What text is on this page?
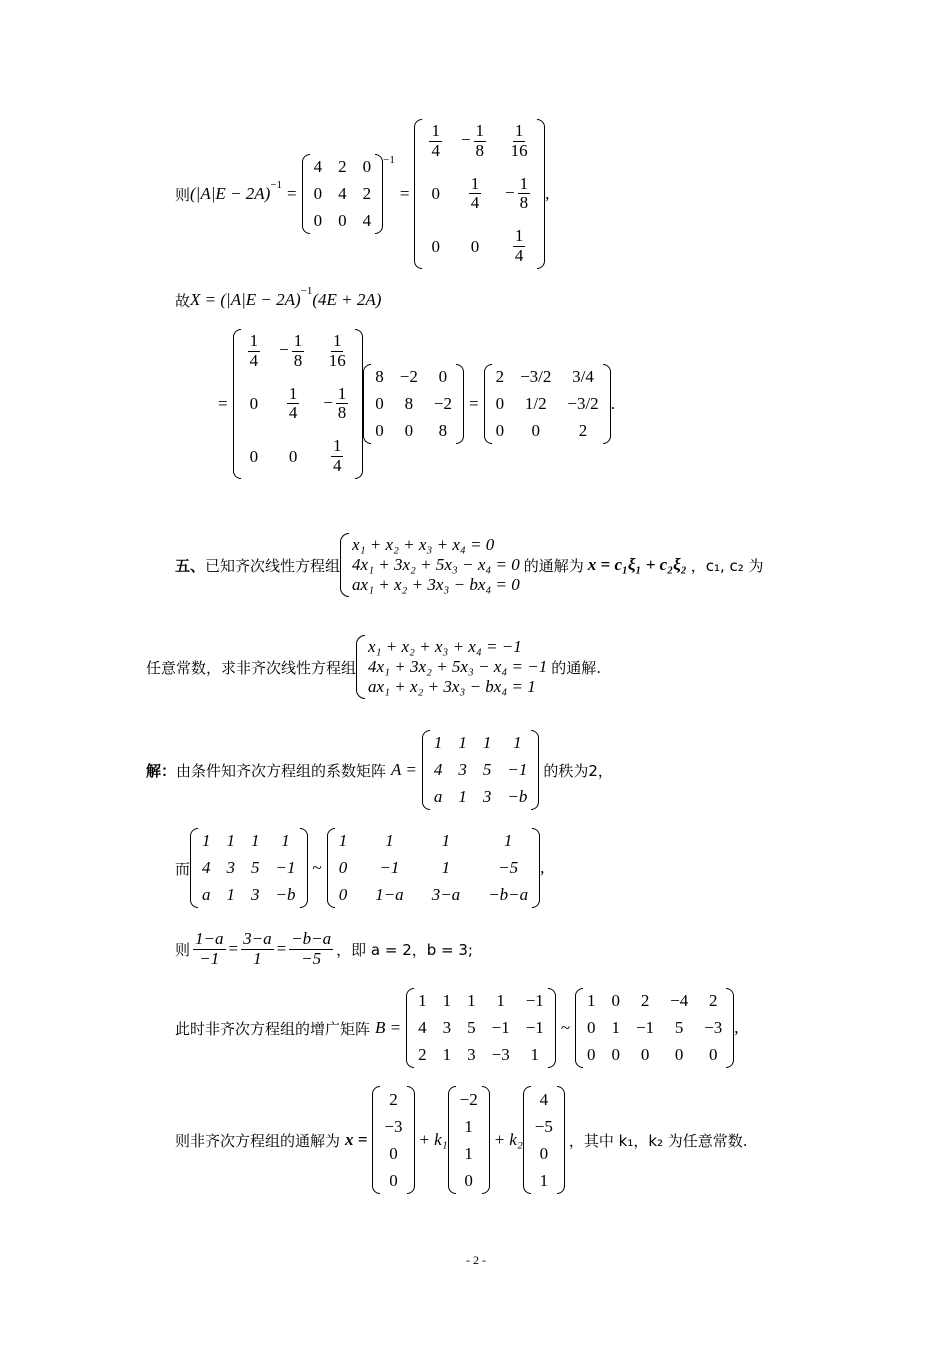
则 (|A|E − 2A) −1 =
4 2 0
0 4 2
0 0 4
−1
=
$\frac{1}{4} - \frac{1}{8} \frac{1}{16}$
$0 \frac{1}{4} - \frac{1}{8}$
0 $0 \frac{1}{4}$
,
故 X = (|A|E − 2A) −1 (4E + 2A)
=
$\frac{1}{4} - \frac{1}{8} \frac{1}{16}$
$0 \frac{1}{4} - \frac{1}{8}$
0 $0 \frac{1}{4}$
8 −2 0
0 8 −2
0 0 8
=
2 −3/2 3/4
0 1/2 −3/2
0 0 2
.
五、 已知齐次线性方程组
x₁ + x₂ + x₃ + x₄ = 0
4x₁ + 3x₂ + 5x₃ − x₄ = 0
ax₁ + x₂ + 3x₃ − bx₄ = 0
的通解为 x = c₁ξ₁ + c₂ξ₂ ，c₁, c₂ 为
任意常数，求非齐次线性方程组
x₁ + x₂ + x₃ + x₄ = −1
4x₁ + 3x₂ + 5x₃ − x₄ = −1
ax₁ + x₂ + 3x₃ − bx₄ = 1
的通解.
解： 由条件知齐次方程组的系数矩阵 A =
1 1 1 1
4 3 5 −1
a 1 3 −b
的秩为2，
而
1 1 1 1
4 3 5 −1
a 1 3 −b
~
1 1	1	1
0 −1 1	−5
0 1−a 3−a −b−a
,
则 $\frac{1-a}{-1} = \frac{3-a}{1} = \frac{-b-a}{-5}$ ，即 a = 2，b = 3;
此时非齐次方程组的增广矩阵 B =
1 1 1 1 −1
4 3 5 −1 −1
2 1 3 −3 1
~
1 0 2 −4 2
0 1 −1 5 −3
0 0 0 0 0
,
则非齐次方程组的通解为 x =
2
−3
0
0
+ k₁
−2
1
1
0
+ k₂
4
−5
0
1
，其中 k₁，k₂ 为任意常数.
- 2 -
